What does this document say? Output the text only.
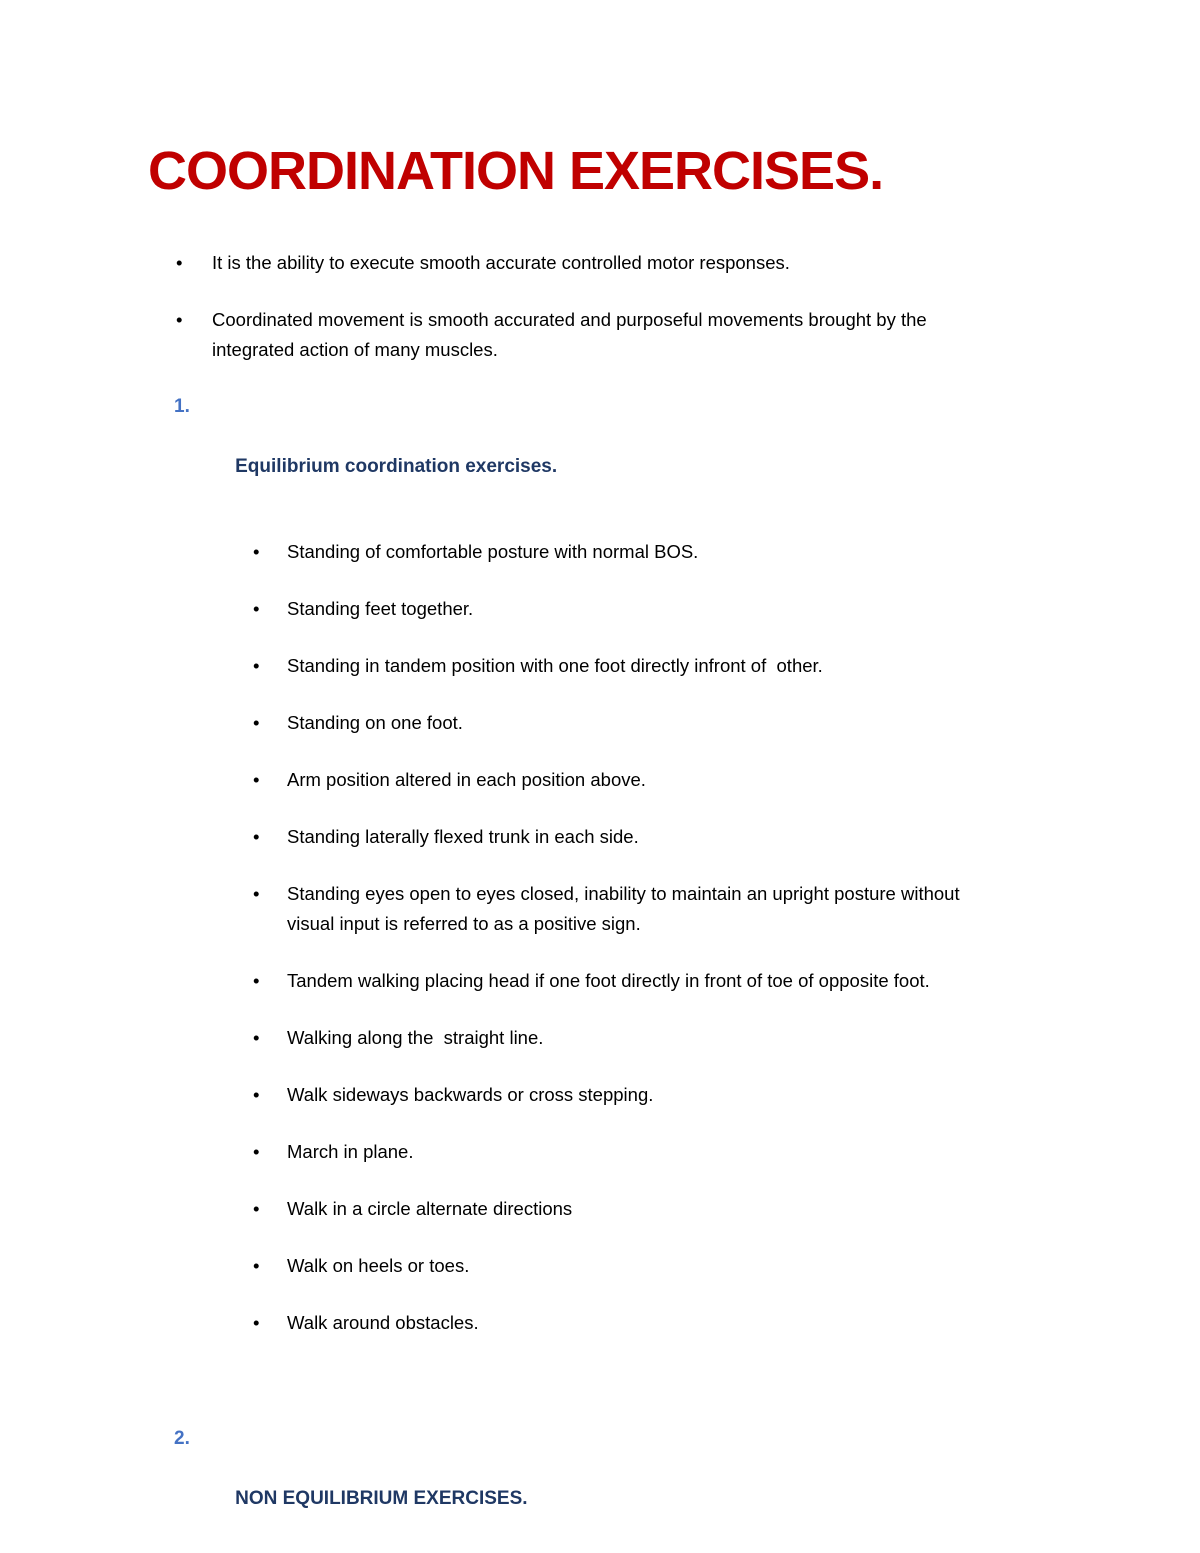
COORDINATION EXERCISES.
•
It is the ability to execute smooth accurate controlled motor responses.
•
Coordinated movement is smooth accurated and purposeful movements brought by the
integrated action of many muscles.

1.

Equilibrium coordination exercises.

•
Standing of comfortable posture with normal BOS.
•
Standing feet together.
•
Standing in tandem position with one foot directly infront of  other.
•
Standing on one foot.
•
Arm position altered in each position above.
•
Standing laterally flexed trunk in each side.
•
Standing eyes open to eyes closed, inability to maintain an upright posture without
visual input is referred to as a positive sign.
•
Tandem walking placing head if one foot directly in front of toe of opposite foot.
•
Walking along the  straight line.
•
Walk sideways backwards or cross stepping.
•
March in plane.
•
Walk in a circle alternate directions
•
Walk on heels or toes.
•
Walk around obstacles.

2.

NON EQUILIBRIUM EXERCISES.
